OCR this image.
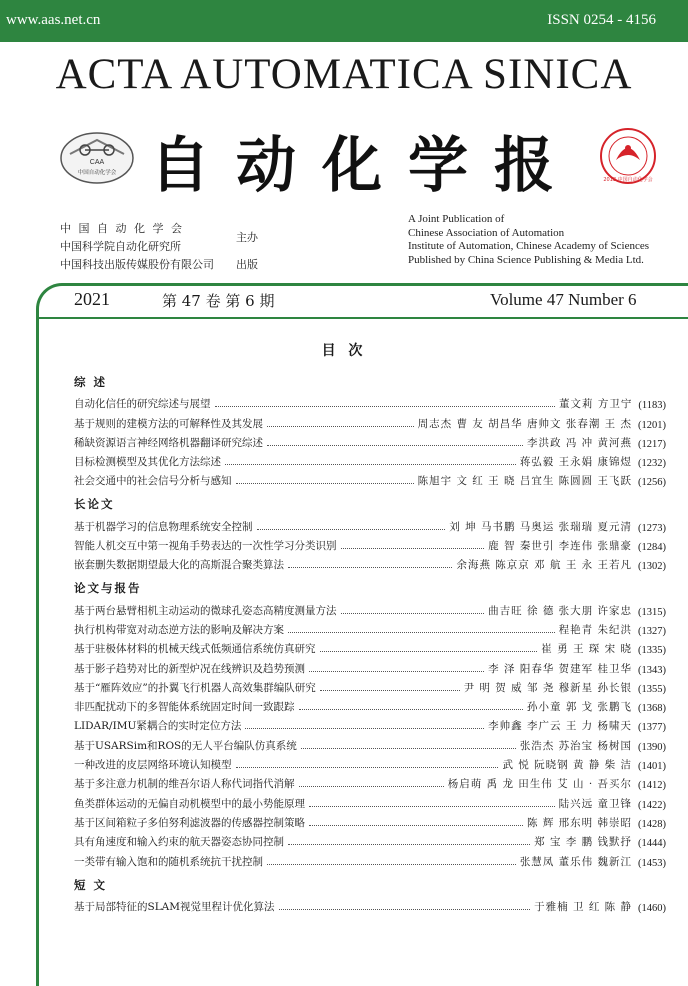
www.aas.net.cn	ISSN 0254 - 4156
ACTA AUTOMATICA SINICA
CAA
中国自动化学会 自动化学报	2018 中国自动化学会
中 国 自 动 化 学 会
中国科学院自动化研究所
中国科技出版传媒股份有限公司
主办
出版
A Joint Publication of
Chinese Association of Automation
Institute of Automation, Chinese Academy of Sciences
Published by China Science Publishing & Media Ltd.
2021	第 47 卷 第 6 期	Volume 47 Number 6
目 次
综 述
自动化信任的研究综述与展望	董文莉 方卫宁 (1183)
基于规则的建模方法的可解释性及其发展	周志杰 曹 友 胡昌华 唐帅文 张春潮 王 杰 (1201)
稀缺资源语言神经网络机器翻译研究综述	李洪政 冯 冲 黄河燕 (1217)
目标检测模型及其优化方法综述	蒋弘毅 王永娟 康锦煜 (1232)
社会交通中的社会信号分析与感知	陈旭宇 文 红 王 晓 吕宜生 陈圆圆 王飞跃 (1256)
长论文
基于机器学习的信息物理系统安全控制	刘 坤 马书鹏 马奥运 张瑞瑞 夏元清 (1273)
智能人机交互中第一视角手势表达的一次性学习分类识别	鹿 智 秦世引 李连伟 张鼎豪 (1284)
嵌套删失数据期望最大化的高斯混合聚类算法	余海燕 陈京京 邓 航 王 永 王若凡 (1302)
论文与报告
基于两台悬臂相机主动运动的微球孔姿态高精度测量方法	曲吉旺 徐 德 张大朋 许家忠 (1315)
执行机构带宽对动态逆方法的影响及解决方案	程艳青 朱纪洪 (1327)
基于驻极体材料的机械天线式低频通信系统仿真研究	崔 勇 王 琛 宋 晓 (1335)
基于影子趋势对比的新型炉况在线辨识及趋势预测	李 泽 阳春华 贺建军 桂卫华 (1343)
基于“雁阵效应”的扑翼飞行机器人高效集群编队研究	尹 明 贺 威 邹 尧 穆新星 孙长银 (1355)
非匹配扰动下的多智能体系统固定时间一致跟踪	孙小童 郭 戈 张鹏飞 (1368)
LIDAR/IMU紧耦合的实时定位方法	李帅鑫 李广云 王 力 杨啸天 (1377)
基于USARSim和ROS的无人平台编队仿真系统	张浩杰 苏治宝 杨树国 (1390)
一种改进的皮层网络环境认知模型	武 悦 阮晓钢 黄 静 柴 洁 (1401)
基于多注意力机制的维吾尔语人称代词指代消解	杨启萌 禹 龙 田生伟 艾 山 · 吾买尔 (1412)
鱼类群体运动的无偏自动机模型中的最小势能原理	陆兴远 童卫锋 (1422)
基于区间箱粒子多伯努利滤波器的传感器控制策略	陈 辉 邢东明 韩崇昭 (1428)
具有角速度和输入约束的航天器姿态协同控制	郑 宝 李 鹏 钱默抒 (1444)
一类带有输入饱和的随机系统抗干扰控制	张慧凤 董乐伟 魏新江 (1453)
短 文
基于局部特征的SLAM视觉里程计优化算法	于雅楠 卫 红 陈 静 (1460)
